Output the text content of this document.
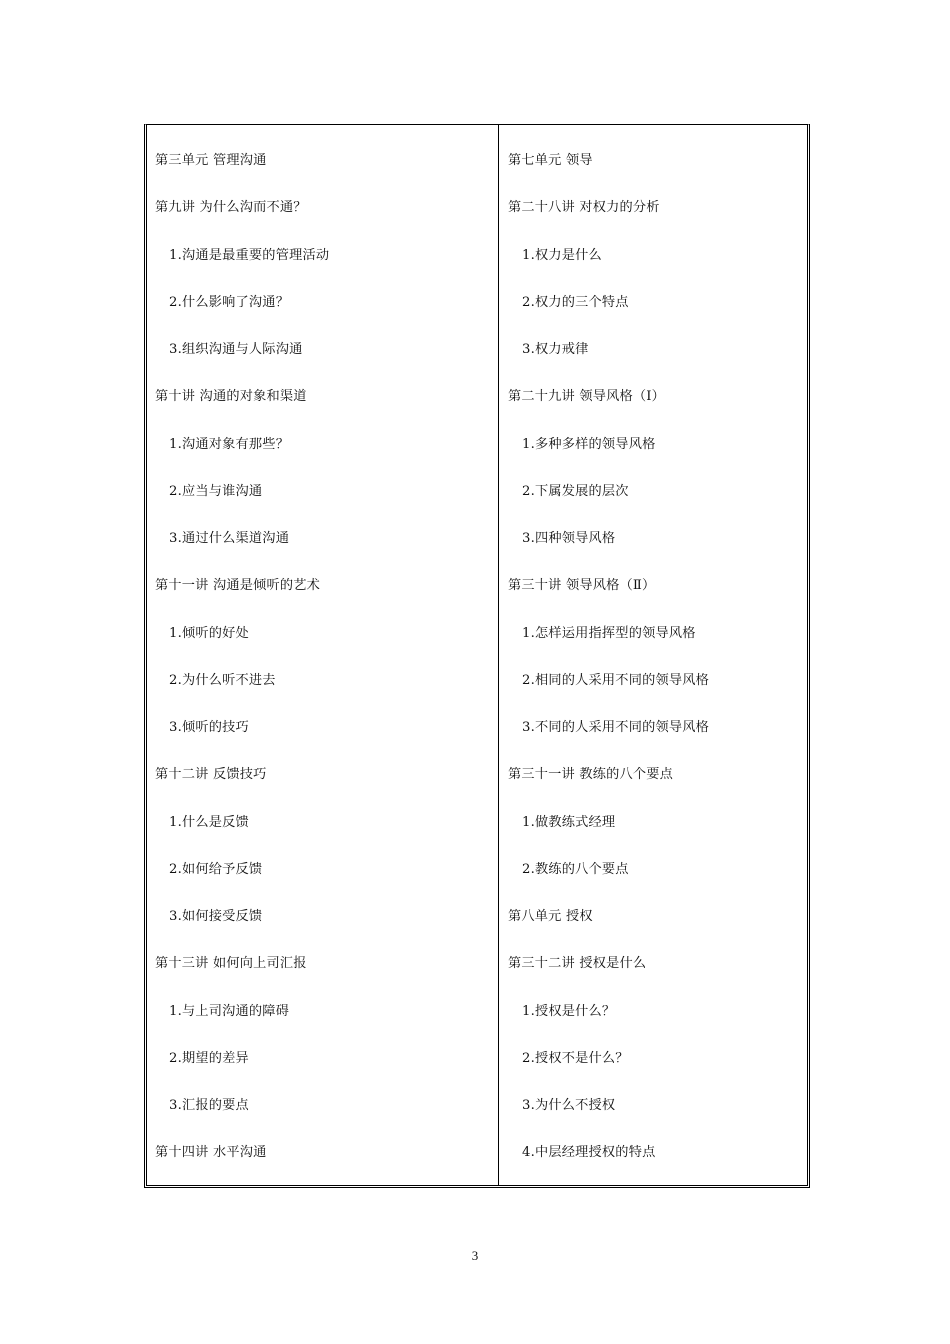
第三单元 管理沟通
第九讲 为什么沟而不通？
1.沟通是最重要的管理活动
2.什么影响了沟通？
3.组织沟通与人际沟通
第十讲 沟通的对象和渠道
1.沟通对象有那些？
2.应当与谁沟通
3.通过什么渠道沟通
第十一讲 沟通是倾听的艺术
1.倾听的好处
2.为什么听不进去
3.倾听的技巧
第十二讲 反馈技巧
1.什么是反馈
2.如何给予反馈
3.如何接受反馈
第十三讲 如何向上司汇报
1.与上司沟通的障碍
2.期望的差异
3.汇报的要点
第十四讲 水平沟通
第七单元 领导
第二十八讲 对权力的分析
1.权力是什么
2.权力的三个特点
3.权力戒律
第二十九讲 领导风格（Ⅰ）
1.多种多样的领导风格
2.下属发展的层次
3.四种领导风格
第三十讲 领导风格（Ⅱ）
1.怎样运用指挥型的领导风格
2.相同的人采用不同的领导风格
3.不同的人采用不同的领导风格
第三十一讲 教练的八个要点
1.做教练式经理
2.教练的八个要点
第八单元 授权
第三十二讲 授权是什么
1.授权是什么？
2.授权不是什么？
3.为什么不授权
4.中层经理授权的特点
3
